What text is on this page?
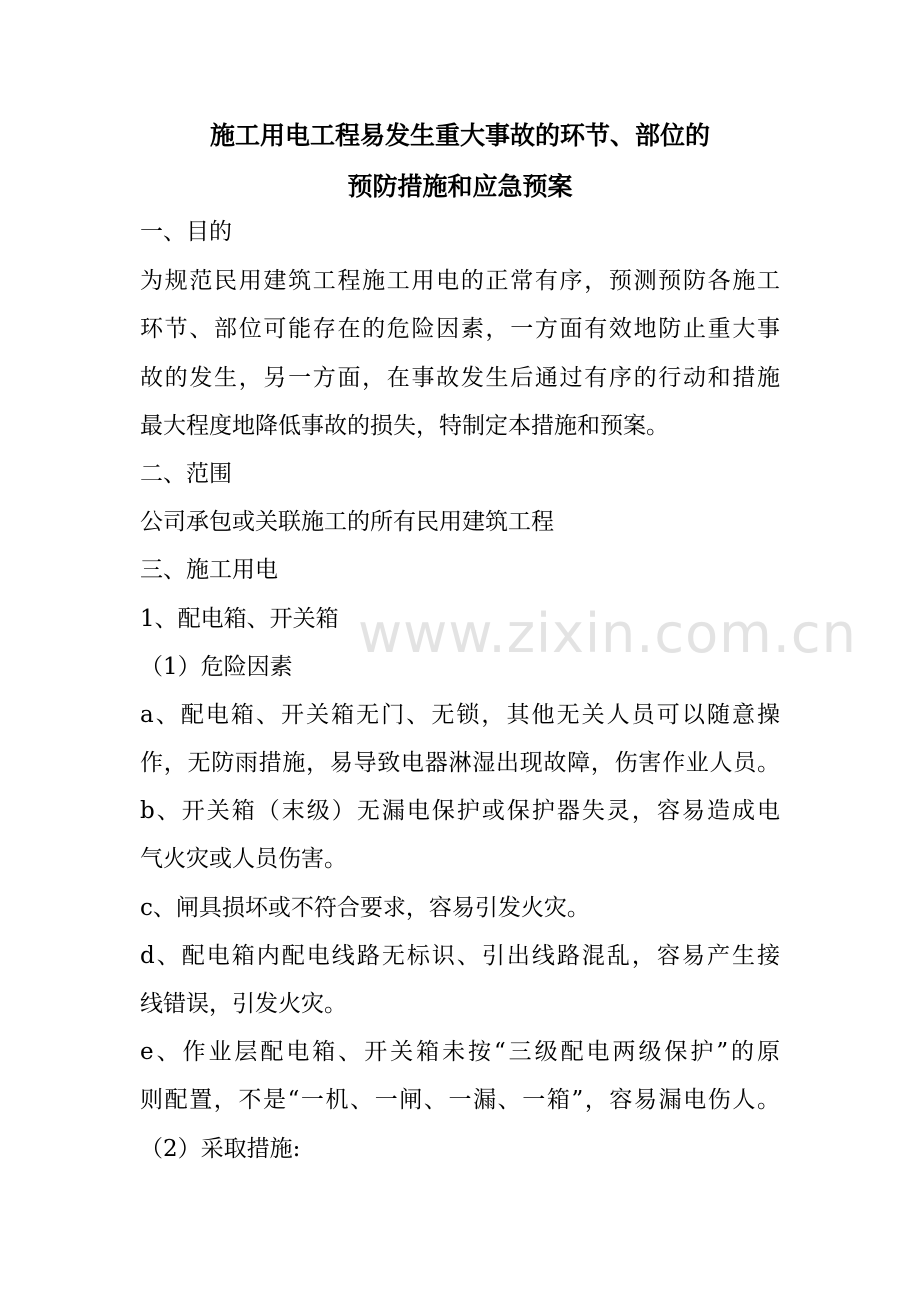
施工用电工程易发生重大事故的环节、部位的
预防措施和应急预案
一、目的
为规范民用建筑工程施工用电的正常有序，预测预防各施工
环节、部位可能存在的危险因素，一方面有效地防止重大事
故的发生，另一方面，在事故发生后通过有序的行动和措施
最大程度地降低事故的损失，特制定本措施和预案。
二、范围
公司承包或关联施工的所有民用建筑工程
三、施工用电
1、配电箱、开关箱
（1）危险因素
a、配电箱、开关箱无门、无锁，其他无关人员可以随意操
作，无防雨措施，易导致电器淋湿出现故障，伤害作业人员。
b、开关箱（末级）无漏电保护或保护器失灵，容易造成电
气火灾或人员伤害。
c、闸具损坏或不符合要求，容易引发火灾。
d、配电箱内配电线路无标识、引出线路混乱，容易产生接
线错误，引发火灾。
e、作业层配电箱、开关箱未按“三级配电两级保护”的原
则配置，不是“一机、一闸、一漏、一箱”，容易漏电伤人。
（2）采取措施:
www.zixin.com.cn
